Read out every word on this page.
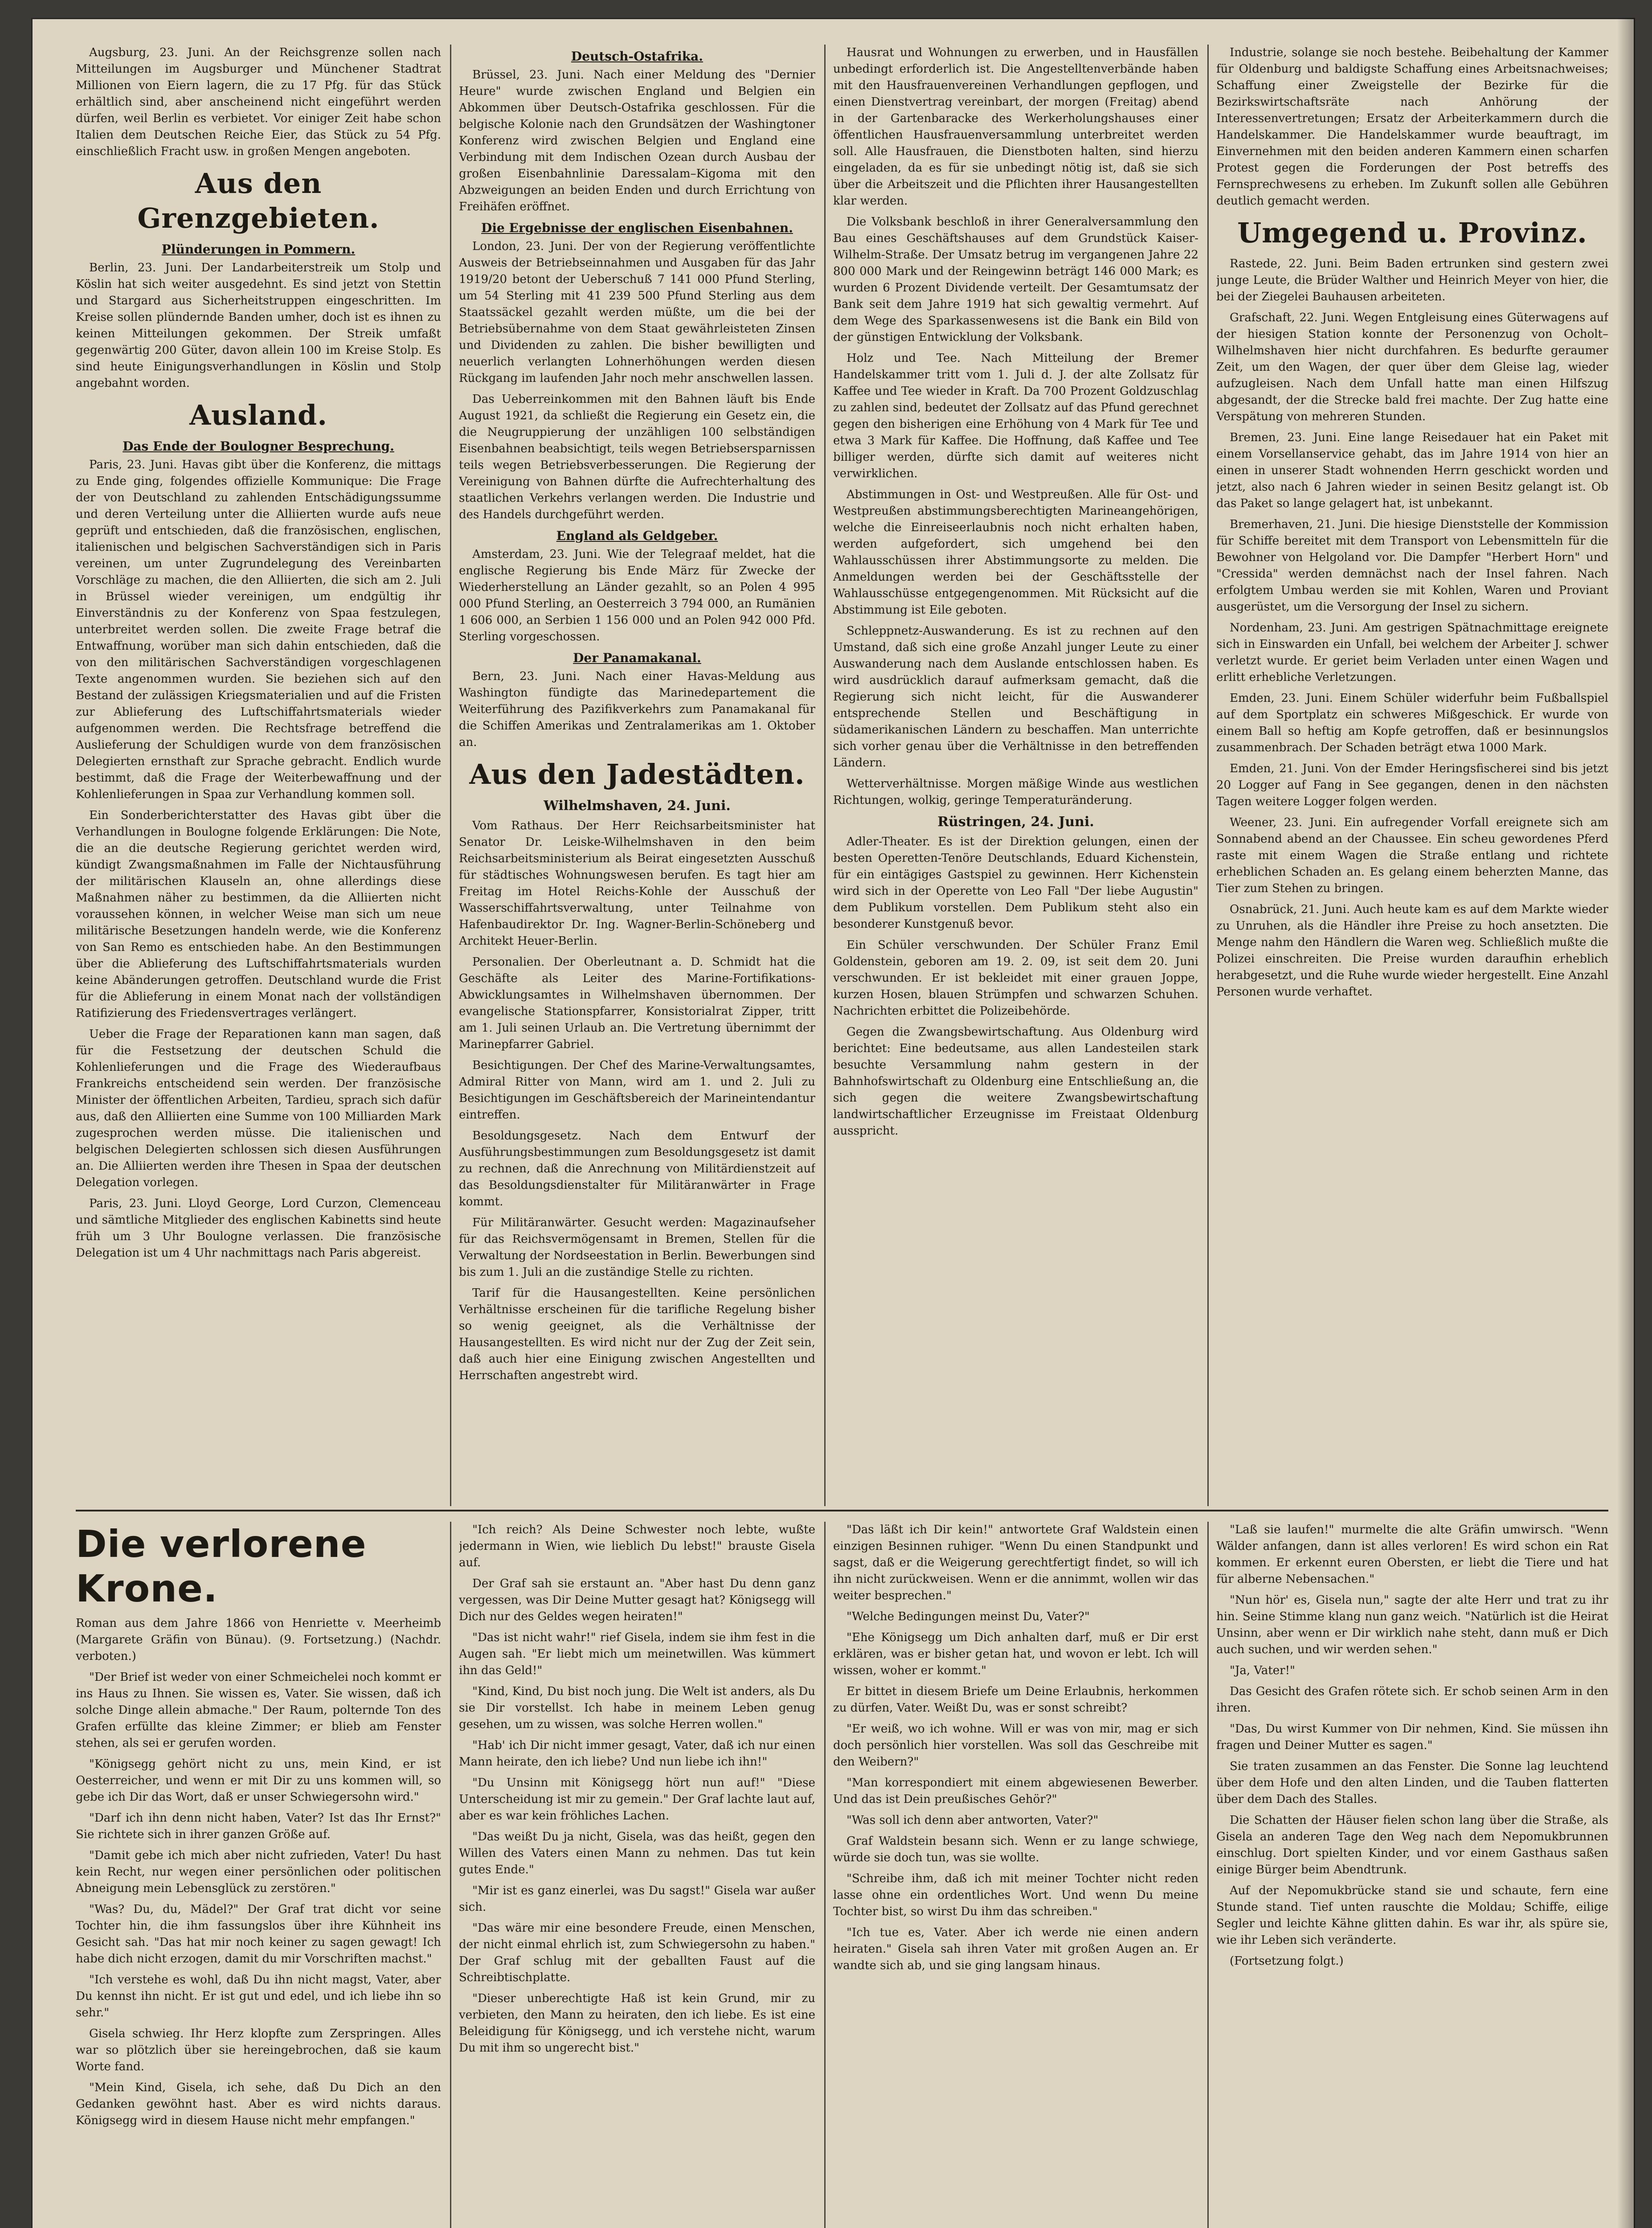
Augsburg, 23. Juni. An der Reichsgrenze sollen nach Mitteilungen im Augsburger und Münchener Stadtrat Millionen von Eiern lagern, die zu 17 Pfg. für das Stück erhältlich sind, aber anscheinend nicht eingeführt werden dürfen, weil Berlin es verbietet. Vor einiger Zeit habe schon Italien dem Deutschen Reiche Eier, das Stück zu 54 Pfg. einschließlich Fracht usw. in großen Mengen angeboten.

Aus den Grenzgebieten.
Plünderungen in Pommern.

Berlin, 23. Juni. Der Landarbeiterstreik um Stolp und Köslin hat sich weiter ausgedehnt. Es sind jetzt von Stettin und Stargard aus Sicherheitstruppen eingeschritten. Im Kreise sollen plündernde Banden umher, doch ist es ihnen zu keinen Mitteilungen gekommen. Der Streik umfaßt gegenwärtig 200 Güter, davon allein 100 im Kreise Stolp. Es sind heute Einigungsverhandlungen in Köslin und Stolp angebahnt worden.

Ausland.
Das Ende der Boulogner Besprechung.

Paris, 23. Juni. Havas gibt über die Konferenz, die mittags zu Ende ging, folgendes offizielle Kommunique: Die Frage der von Deutschland zu zahlenden Entschädigungssumme und deren Verteilung unter die Alliierten wurde aufs neue geprüft und entschieden, daß die französischen, englischen, italienischen und belgischen Sachverständigen sich in Paris vereinen, um unter Zugrundelegung des Vereinbarten Vorschläge zu machen, die den Alliierten, die sich am 2. Juli in Brüssel wieder vereinigen, um endgültig ihr Einverständnis zu der Konferenz von Spaa festzulegen, unterbreitet werden sollen. Die zweite Frage betraf die Entwaffnung, worüber man sich dahin entschieden, daß die von den militärischen Sachverständigen vorgeschlagenen Texte angenommen wurden. Sie beziehen sich auf den Bestand der zulässigen Kriegsmaterialien und auf die Fristen zur Ablieferung des Luftschiffahrtsmaterials wieder aufgenommen werden. Die Rechtsfrage betreffend die Auslieferung der Schuldigen wurde von dem französischen Delegierten ernsthaft zur Sprache gebracht. Endlich wurde bestimmt, daß die Frage der Weiterbewaffnung und der Kohlenlieferungen in Spaa zur Verhandlung kommen soll.

Ein Sonderberichterstatter des Havas gibt über die Verhandlungen in Boulogne folgende Erklärungen: Die Note, die an die deutsche Regierung gerichtet werden wird, kündigt Zwangsmaßnahmen im Falle der Nichtausführung der militärischen Klauseln an, ohne allerdings diese Maßnahmen näher zu bestimmen, da die Alliierten nicht voraussehen können, in welcher Weise man sich um neue militärische Besetzungen handeln werde, wie die Konferenz von San Remo es entschieden habe. An den Bestimmungen über die Ablieferung des Luftschiffahrtsmaterials wurden keine Abänderungen getroffen. Deutschland wurde die Frist für die Ablieferung in einem Monat nach der vollständigen Ratifizierung des Friedensvertrages verlängert.

Ueber die Frage der Reparationen kann man sagen, daß für die Festsetzung der deutschen Schuld die Kohlenlieferungen und die Frage des Wiederaufbaus Frankreichs entscheidend sein werden. Der französische Minister der öffentlichen Arbeiten, Tardieu, sprach sich dafür aus, daß den Alliierten eine Summe von 100 Milliarden Mark zugesprochen werden müsse. Die italienischen und belgischen Delegierten schlossen sich diesen Ausführungen an. Die Alliierten werden ihre Thesen in Spaa der deutschen Delegation vorlegen.

Paris, 23. Juni. Lloyd George, Lord Curzon, Clemenceau und sämtliche Mitglieder des englischen Kabinetts sind heute früh um 3 Uhr Boulogne verlassen. Die französische Delegation ist um 4 Uhr nachmittags nach Paris abgereist.

Deutsch-Ostafrika.

Brüssel, 23. Juni. Nach einer Meldung des "Dernier Heure" wurde zwischen England und Belgien ein Abkommen über Deutsch-Ostafrika geschlossen. Für die belgische Kolonie nach den Grundsätzen der Washingtoner Konferenz wird zwischen Belgien und England eine Verbindung mit dem Indischen Ozean durch Ausbau der großen Eisenbahnlinie Daressalam–Kigoma mit den Abzweigungen an beiden Enden und durch Errichtung von Freihäfen eröffnet.

Die Ergebnisse der englischen Eisenbahnen.

London, 23. Juni. Der von der Regierung veröffentlichte Ausweis der Betriebseinnahmen und Ausgaben für das Jahr 1919/20 betont der Ueberschuß 7 141 000 Pfund Sterling, um 54 Sterling mit 41 239 500 Pfund Sterling aus dem Staatssäckel gezahlt werden müßte, um die bei der Betriebsübernahme von dem Staat gewährleisteten Zinsen und Dividenden zu zahlen. Die bisher bewilligten und neuerlich verlangten Lohnerhöhungen werden diesen Rückgang im laufenden Jahr noch mehr anschwellen lassen.

Das Ueberreinkommen mit den Bahnen läuft bis Ende August 1921, da schließt die Regierung ein Gesetz ein, die die Neugruppierung der unzähligen 100 selbständigen Eisenbahnen beabsichtigt, teils wegen Betriebsersparnissen teils wegen Betriebsverbesserungen. Die Regierung der Vereinigung von Bahnen dürfte die Aufrechterhaltung des staatlichen Verkehrs verlangen werden. Die Industrie und des Handels durchgeführt werden.

England als Geldgeber.

Amsterdam, 23. Juni. Wie der Telegraaf meldet, hat die englische Regierung bis Ende März für Zwecke der Wiederherstellung an Länder gezahlt, so an Polen 4 995 000 Pfund Sterling, an Oesterreich 3 794 000, an Rumänien 1 606 000, an Serbien 1 156 000 und an Polen 942 000 Pfd. Sterling vorgeschossen.

Der Panamakanal.

Bern, 23. Juni. Nach einer Havas-Meldung aus Washington fündigte das Marinedepartement die Weiterführung des Pazifikverkehrs zum Panamakanal für die Schiffen Amerikas und Zentralamerikas am 1. Oktober an.

Aus den Jadestädten.
Wilhelmshaven, 24. Juni.

Vom Rathaus. Der Herr Reichsarbeitsminister hat Senator Dr. Leiske-Wilhelmshaven in den beim Reichsarbeitsministerium als Beirat eingesetzten Ausschuß für städtisches Wohnungswesen berufen. Es tagt hier am Freitag im Hotel Reichs-Kohle der Ausschuß der Wasserschiffahrtsverwaltung, unter Teilnahme von Hafenbaudirektor Dr. Ing. Wagner-Berlin-Schöneberg und Architekt Heuer-Berlin.

Personalien. Der Oberleutnant a. D. Schmidt hat die Geschäfte als Leiter des Marine-Fortifikations-Abwicklungsamtes in Wilhelmshaven übernommen. Der evangelische Stationspfarrer, Konsistorialrat Zipper, tritt am 1. Juli seinen Urlaub an. Die Vertretung übernimmt der Marinepfarrer Gabriel.

Besichtigungen. Der Chef des Marine-Verwaltungsamtes, Admiral Ritter von Mann, wird am 1. und 2. Juli zu Besichtigungen im Geschäftsbereich der Marineintendantur eintreffen.

Besoldungsgesetz. Nach dem Entwurf der Ausführungsbestimmungen zum Besoldungsgesetz ist damit zu rechnen, daß die Anrechnung von Militärdienstzeit auf das Besoldungsdienstalter für Militäranwärter in Frage kommt.

Für Militäranwärter. Gesucht werden: Magazinaufseher für das Reichsvermögensamt in Bremen, Stellen für die Verwaltung der Nordseestation in Berlin. Bewerbungen sind bis zum 1. Juli an die zuständige Stelle zu richten.

Tarif für die Hausangestellten. Keine persönlichen Verhältnisse erscheinen für die tarifliche Regelung bisher so wenig geeignet, als die Verhältnisse der Hausangestellten. Es wird nicht nur der Zug der Zeit sein, daß auch hier eine Einigung zwischen Angestellten und Herrschaften angestrebt wird.

Hausrat und Wohnungen zu erwerben, und in Hausfällen unbedingt erforderlich ist. Die Angestelltenverbände haben mit den Hausfrauenvereinen Verhandlungen gepflogen, und einen Dienstvertrag vereinbart, der morgen (Freitag) abend in der Gartenbaracke des Werkerholungshauses einer öffentlichen Hausfrauenversammlung unterbreitet werden soll. Alle Hausfrauen, die Dienstboten halten, sind hierzu eingeladen, da es für sie unbedingt nötig ist, daß sie sich über die Arbeitszeit und die Pflichten ihrer Hausangestellten klar werden.

Die Volksbank beschloß in ihrer Generalversammlung den Bau eines Geschäftshauses auf dem Grundstück Kaiser-Wilhelm-Straße. Der Umsatz betrug im vergangenen Jahre 22 800 000 Mark und der Reingewinn beträgt 146 000 Mark; es wurden 6 Prozent Dividende verteilt. Der Gesamtumsatz der Bank seit dem Jahre 1919 hat sich gewaltig vermehrt. Auf dem Wege des Sparkassenwesens ist die Bank ein Bild von der günstigen Entwicklung der Volksbank.

Holz und Tee. Nach Mitteilung der Bremer Handelskammer tritt vom 1. Juli d. J. der alte Zollsatz für Kaffee und Tee wieder in Kraft. Da 700 Prozent Goldzuschlag zu zahlen sind, bedeutet der Zollsatz auf das Pfund gerechnet gegen den bisherigen eine Erhöhung von 4 Mark für Tee und etwa 3 Mark für Kaffee. Die Hoffnung, daß Kaffee und Tee billiger werden, dürfte sich damit auf weiteres nicht verwirklichen.

Abstimmungen in Ost- und Westpreußen. Alle für Ost- und Westpreußen abstimmungsberechtigten Marineangehörigen, welche die Einreiseerlaubnis noch nicht erhalten haben, werden aufgefordert, sich umgehend bei den Wahlausschüssen ihrer Abstimmungsorte zu melden. Die Anmeldungen werden bei der Geschäftsstelle der Wahlausschüsse entgegengenommen. Mit Rücksicht auf die Abstimmung ist Eile geboten.

Schleppnetz-Auswanderung. Es ist zu rechnen auf den Umstand, daß sich eine große Anzahl junger Leute zu einer Auswanderung nach dem Auslande entschlossen haben. Es wird ausdrücklich darauf aufmerksam gemacht, daß die Regierung sich nicht leicht, für die Auswanderer entsprechende Stellen und Beschäftigung in südamerikanischen Ländern zu beschaffen. Man unterrichte sich vorher genau über die Verhältnisse in den betreffenden Ländern.

Wetterverhältnisse. Morgen mäßige Winde aus westlichen Richtungen, wolkig, geringe Temperaturänderung.

Rüstringen, 24. Juni.

Adler-Theater. Es ist der Direktion gelungen, einen der besten Operetten-Tenöre Deutschlands, Eduard Kichenstein, für ein eintägiges Gastspiel zu gewinnen. Herr Kichenstein wird sich in der Operette von Leo Fall "Der liebe Augustin" dem Publikum vorstellen. Dem Publikum steht also ein besonderer Kunstgenuß bevor.

Ein Schüler verschwunden. Der Schüler Franz Emil Goldenstein, geboren am 19. 2. 09, ist seit dem 20. Juni verschwunden. Er ist bekleidet mit einer grauen Joppe, kurzen Hosen, blauen Strümpfen und schwarzen Schuhen. Nachrichten erbittet die Polizeibehörde.

Gegen die Zwangsbewirtschaftung. Aus Oldenburg wird berichtet: Eine bedeutsame, aus allen Landesteilen stark besuchte Versammlung nahm gestern in der Bahnhofswirtschaft zu Oldenburg eine Entschließung an, die sich gegen die weitere Zwangsbewirtschaftung landwirtschaftlicher Erzeugnisse im Freistaat Oldenburg ausspricht.

Industrie, solange sie noch bestehe. Beibehaltung der Kammer für Oldenburg und baldigste Schaffung eines Arbeitsnachweises; Schaffung einer Zweigstelle der Bezirke für die Bezirkswirtschaftsräte nach Anhörung der Interessenvertretungen; Ersatz der Arbeiterkammern durch die Handelskammer. Die Handelskammer wurde beauftragt, im Einvernehmen mit den beiden anderen Kammern einen scharfen Protest gegen die Forderungen der Post betreffs des Fernsprechwesens zu erheben. Im Zukunft sollen alle Gebühren deutlich gemacht werden.

Umgegend u. Provinz.

Rastede, 22. Juni. Beim Baden ertrunken sind gestern zwei junge Leute, die Brüder Walther und Heinrich Meyer von hier, die bei der Ziegelei Bauhausen arbeiteten.

Grafschaft, 22. Juni. Wegen Entgleisung eines Güterwagens auf der hiesigen Station konnte der Personenzug von Ocholt–Wilhelmshaven hier nicht durchfahren. Es bedurfte geraumer Zeit, um den Wagen, der quer über dem Gleise lag, wieder aufzugleisen. Nach dem Unfall hatte man einen Hilfszug abgesandt, der die Strecke bald frei machte. Der Zug hatte eine Verspätung von mehreren Stunden.

Bremen, 23. Juni. Eine lange Reisedauer hat ein Paket mit einem Vorsellanservice gehabt, das im Jahre 1914 von hier an einen in unserer Stadt wohnenden Herrn geschickt worden und jetzt, also nach 6 Jahren wieder in seinen Besitz gelangt ist. Ob das Paket so lange gelagert hat, ist unbekannt.

Bremerhaven, 21. Juni. Die hiesige Dienststelle der Kommission für Schiffe bereitet mit dem Transport von Lebensmitteln für die Bewohner von Helgoland vor. Die Dampfer "Herbert Horn" und "Cressida" werden demnächst nach der Insel fahren. Nach erfolgtem Umbau werden sie mit Kohlen, Waren und Proviant ausgerüstet, um die Versorgung der Insel zu sichern.

Nordenham, 23. Juni. Am gestrigen Spätnachmittage ereignete sich in Einswarden ein Unfall, bei welchem der Arbeiter J. schwer verletzt wurde. Er geriet beim Verladen unter einen Wagen und erlitt erhebliche Verletzungen.

Emden, 23. Juni. Einem Schüler widerfuhr beim Fußballspiel auf dem Sportplatz ein schweres Mißgeschick. Er wurde von einem Ball so heftig am Kopfe getroffen, daß er besinnungslos zusammenbrach. Der Schaden beträgt etwa 1000 Mark.

Emden, 21. Juni. Von der Emder Heringsfischerei sind bis jetzt 20 Logger auf Fang in See gegangen, denen in den nächsten Tagen weitere Logger folgen werden.

Weener, 23. Juni. Ein aufregender Vorfall ereignete sich am Sonnabend abend an der Chaussee. Ein scheu gewordenes Pferd raste mit einem Wagen die Straße entlang und richtete erheblichen Schaden an. Es gelang einem beherzten Manne, das Tier zum Stehen zu bringen.

Osnabrück, 21. Juni. Auch heute kam es auf dem Markte wieder zu Unruhen, als die Händler ihre Preise zu hoch ansetzten. Die Menge nahm den Händlern die Waren weg. Schließlich mußte die Polizei einschreiten. Die Preise wurden daraufhin erheblich herabgesetzt, und die Ruhe wurde wieder hergestellt. Eine Anzahl Personen wurde verhaftet.

Die verlorene Krone.

Roman aus dem Jahre 1866 von Henriette v. Meerheimb (Margarete Gräfin von Bünau). (9. Fortsetzung.) (Nachdr. verboten.)

"Der Brief ist weder von einer Schmeichelei noch kommt er ins Haus zu Ihnen. Sie wissen es, Vater. Sie wissen, daß ich solche Dinge allein abmache." Der Raum, polternde Ton des Grafen erfüllte das kleine Zimmer; er blieb am Fenster stehen, als sei er gerufen worden.

"Königsegg gehört nicht zu uns, mein Kind, er ist Oesterreicher, und wenn er mit Dir zu uns kommen will, so gebe ich Dir das Wort, daß er unser Schwiegersohn wird."

"Darf ich ihn denn nicht haben, Vater? Ist das Ihr Ernst?" Sie richtete sich in ihrer ganzen Größe auf.

"Damit gebe ich mich aber nicht zufrieden, Vater! Du hast kein Recht, nur wegen einer persönlichen oder politischen Abneigung mein Lebensglück zu zerstören."

"Was? Du, du, Mädel?" Der Graf trat dicht vor seine Tochter hin, die ihm fassungslos über ihre Kühnheit ins Gesicht sah. "Das hat mir noch keiner zu sagen gewagt! Ich habe dich nicht erzogen, damit du mir Vorschriften machst."

"Ich verstehe es wohl, daß Du ihn nicht magst, Vater, aber Du kennst ihn nicht. Er ist gut und edel, und ich liebe ihn so sehr."

Gisela schwieg. Ihr Herz klopfte zum Zerspringen. Alles war so plötzlich über sie hereingebrochen, daß sie kaum Worte fand.

"Mein Kind, Gisela, ich sehe, daß Du Dich an den Gedanken gewöhnt hast. Aber es wird nichts daraus. Königsegg wird in diesem Hause nicht mehr empfangen."

"Ich reich? Als Deine Schwester noch lebte, wußte jedermann in Wien, wie lieblich Du lebst!" brauste Gisela auf.

Der Graf sah sie erstaunt an. "Aber hast Du denn ganz vergessen, was Dir Deine Mutter gesagt hat? Königsegg will Dich nur des Geldes wegen heiraten!"

"Das ist nicht wahr!" rief Gisela, indem sie ihm fest in die Augen sah. "Er liebt mich um meinetwillen. Was kümmert ihn das Geld!"

"Kind, Kind, Du bist noch jung. Die Welt ist anders, als Du sie Dir vorstellst. Ich habe in meinem Leben genug gesehen, um zu wissen, was solche Herren wollen."

"Hab' ich Dir nicht immer gesagt, Vater, daß ich nur einen Mann heirate, den ich liebe? Und nun liebe ich ihn!"

"Du Unsinn mit Königsegg hört nun auf!" "Diese Unterscheidung ist mir zu gemein." Der Graf lachte laut auf, aber es war kein fröhliches Lachen.

"Das weißt Du ja nicht, Gisela, was das heißt, gegen den Willen des Vaters einen Mann zu nehmen. Das tut kein gutes Ende."

"Mir ist es ganz einerlei, was Du sagst!" Gisela war außer sich.

"Das wäre mir eine besondere Freude, einen Menschen, der nicht einmal ehrlich ist, zum Schwiegersohn zu haben." Der Graf schlug mit der geballten Faust auf die Schreibtischplatte.

"Dieser unberechtigte Haß ist kein Grund, mir zu verbieten, den Mann zu heiraten, den ich liebe. Es ist eine Beleidigung für Königsegg, und ich verstehe nicht, warum Du mit ihm so ungerecht bist."

"Das läßt ich Dir kein!" antwortete Graf Waldstein einen einzigen Besinnen ruhiger. "Wenn Du einen Standpunkt und sagst, daß er die Weigerung gerechtfertigt findet, so will ich ihn nicht zurückweisen. Wenn er die annimmt, wollen wir das weiter besprechen."

"Welche Bedingungen meinst Du, Vater?"

"Ehe Königsegg um Dich anhalten darf, muß er Dir erst erklären, was er bisher getan hat, und wovon er lebt. Ich will wissen, woher er kommt."

Er bittet in diesem Briefe um Deine Erlaubnis, herkommen zu dürfen, Vater. Weißt Du, was er sonst schreibt?

"Er weiß, wo ich wohne. Will er was von mir, mag er sich doch persönlich hier vorstellen. Was soll das Geschreibe mit den Weibern?"

"Man korrespondiert mit einem abgewiesenen Bewerber. Und das ist Dein preußisches Gehör?"

"Was soll ich denn aber antworten, Vater?"

Graf Waldstein besann sich. Wenn er zu lange schwiege, würde sie doch tun, was sie wollte.

"Schreibe ihm, daß ich mit meiner Tochter nicht reden lasse ohne ein ordentliches Wort. Und wenn Du meine Tochter bist, so wirst Du ihm das schreiben."

"Ich tue es, Vater. Aber ich werde nie einen andern heiraten." Gisela sah ihren Vater mit großen Augen an. Er wandte sich ab, und sie ging langsam hinaus.

"Laß sie laufen!" murmelte die alte Gräfin umwirsch. "Wenn Wälder anfangen, dann ist alles verloren! Es wird schon ein Rat kommen. Er erkennt euren Obersten, er liebt die Tiere und hat für alberne Nebensachen."

"Nun hör' es, Gisela nun," sagte der alte Herr und trat zu ihr hin. Seine Stimme klang nun ganz weich. "Natürlich ist die Heirat Unsinn, aber wenn er Dir wirklich nahe steht, dann muß er Dich auch suchen, und wir werden sehen."

"Ja, Vater!"

Das Gesicht des Grafen rötete sich. Er schob seinen Arm in den ihren.

"Das, Du wirst Kummer von Dir nehmen, Kind. Sie müssen ihn fragen und Deiner Mutter es sagen."

Sie traten zusammen an das Fenster. Die Sonne lag leuchtend über dem Hofe und den alten Linden, und die Tauben flatterten über dem Dach des Stalles.

Die Schatten der Häuser fielen schon lang über die Straße, als Gisela an anderen Tage den Weg nach dem Nepomukbrunnen einschlug. Dort spielten Kinder, und vor einem Gasthaus saßen einige Bürger beim Abendtrunk.

Auf der Nepomukbrücke stand sie und schaute, fern eine Stunde stand. Tief unten rauschte die Moldau; Schiffe, eilige Segler und leichte Kähne glitten dahin. Es war ihr, als spüre sie, wie ihr Leben sich veränderte.

(Fortsetzung folgt.)
